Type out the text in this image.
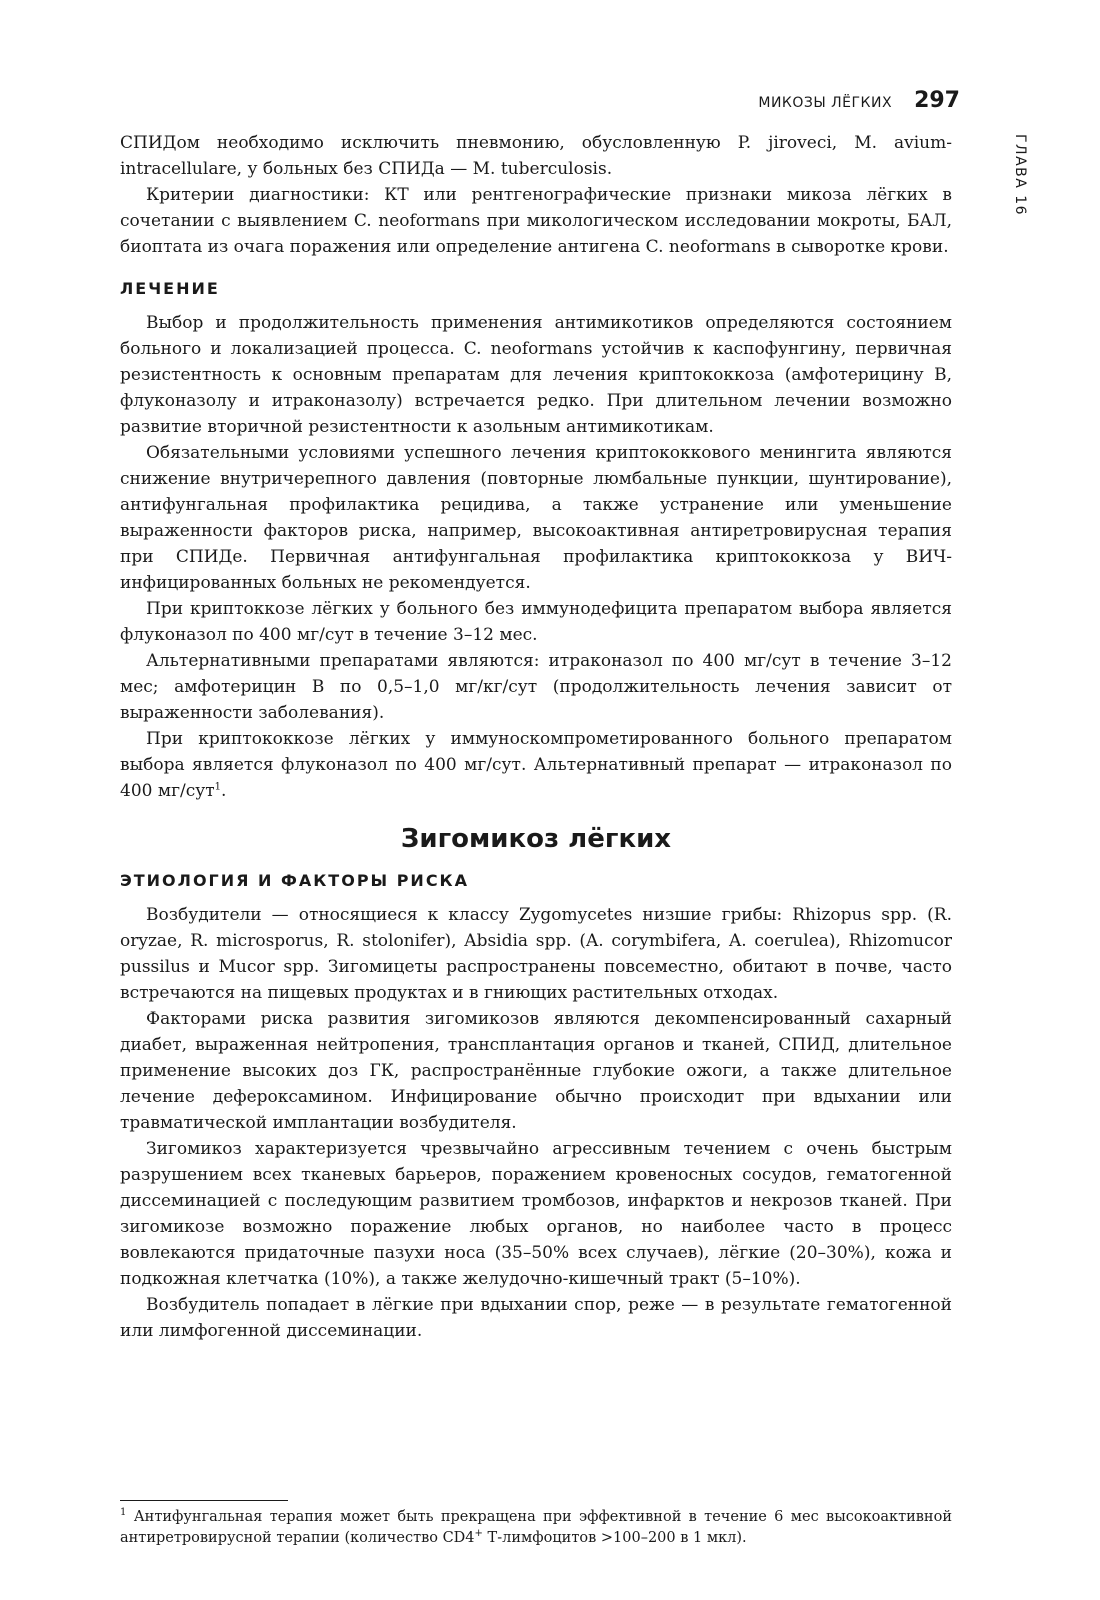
МИКОЗЫ ЛЁГКИХ 297
ГЛАВА 16

СПИДом необходимо исключить пневмонию, обусловленную P. jiroveci, M. avium-intracellulare, у больных без СПИДа — M. tuberculosis.

Критерии диагностики: КТ или рентгенографические признаки микоза лёгких в сочетании с выявлением C. neoformans при микологическом исследовании мокроты, БАЛ, биоптата из очага поражения или определение антигена C. neoformans в сыворотке крови.

ЛЕЧЕНИЕ

Выбор и продолжительность применения антимикотиков определяются состоянием больного и локализацией процесса. C. neoformans устойчив к каспофунгину, первичная резистентность к основным препаратам для лечения криптококкоза (амфотерицину В, флуконазолу и итраконазолу) встречается редко. При длительном лечении возможно развитие вторичной резистентности к азольным антимикотикам.

Обязательными условиями успешного лечения криптококкового менингита являются снижение внутричерепного давления (повторные люмбальные пункции, шунтирование), антифунгальная профилактика рецидива, а также устранение или уменьшение выраженности факторов риска, например, высокоактивная антиретровирусная терапия при СПИДе. Первичная антифунгальная профилактика криптококкоза у ВИЧ-инфицированных больных не рекомендуется.

При криптоккозе лёгких у больного без иммунодефицита препаратом выбора является флуконазол по 400 мг/сут в течение 3–12 мес.

Альтернативными препаратами являются: итраконазол по 400 мг/сут в течение 3–12 мес; амфотерицин В по 0,5–1,0 мг/кг/сут (продолжительность лечения зависит от выраженности заболевания).

При криптококкозе лёгких у иммуноскомпрометированного больного препаратом выбора является флуконазол по 400 мг/сут. Альтернативный препарат — итраконазол по 400 мг/сут$^1$.

Зигомикоз лёгких
ЭТИОЛОГИЯ И ФАКТОРЫ РИСКА

Возбудители — относящиеся к классу Zygomycetes низшие грибы: Rhizopus spp. (R. oryzae, R. microsporus, R. stolonifer), Absidia spp. (A. corymbifera, A. coerulea), Rhizomucor pussilus и Mucor spp. Зигомицеты распространены повсеместно, обитают в почве, часто встречаются на пищевых продуктах и в гниющих растительных отходах.

Факторами риска развития зигомикозов являются декомпенсированный сахарный диабет, выраженная нейтропения, трансплантация органов и тканей, СПИД, длительное применение высоких доз ГК, распространённые глубокие ожоги, а также длительное лечение дефероксамином. Инфицирование обычно происходит при вдыхании или травматической имплантации возбудителя.

Зигомикоз характеризуется чрезвычайно агрессивным течением с очень быстрым разрушением всех тканевых барьеров, поражением кровеносных сосудов, гематогенной диссеминацией с последующим развитием тромбозов, инфарктов и некрозов тканей. При зигомикозе возможно поражение любых органов, но наиболее часто в процесс вовлекаются придаточные пазухи носа (35–50% всех случаев), лёгкие (20–30%), кожа и подкожная клетчатка (10%), а также желудочно-кишечный тракт (5–10%).

Возбудитель попадает в лёгкие при вдыхании спор, реже — в результате гематогенной или лимфогенной диссеминации.

$^1$ Антифунгальная терапия может быть прекращена при эффективной в течение 6 мес высокоактивной антиретровирусной терапии (количество CD4+ Т-лимфоцитов >100–200 в 1 мкл).
